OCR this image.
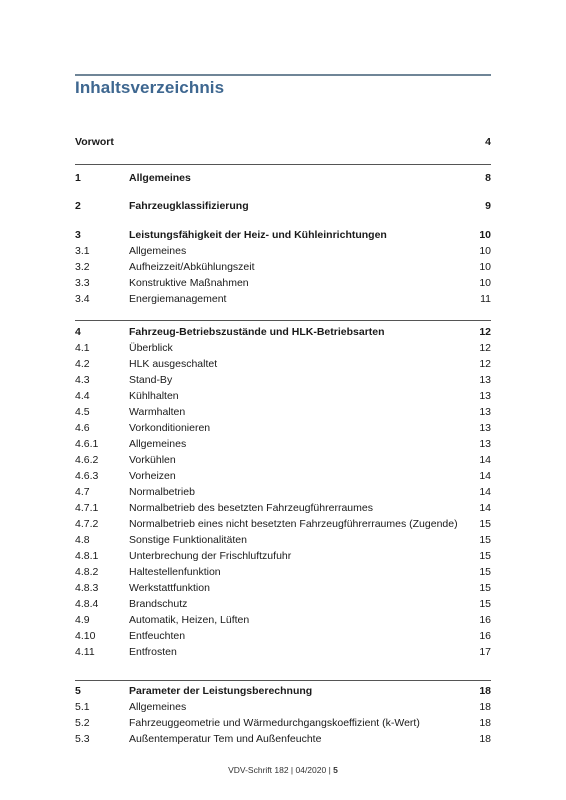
Inhaltsverzeichnis
Vorwort	4
1	Allgemeines	8
2	Fahrzeugklassifizierung	9
3	Leistungsfähigkeit der Heiz- und Kühleinrichtungen	10
3.1	Allgemeines	10
3.2	Aufheizzeit/Abkühlungszeit	10
3.3	Konstruktive Maßnahmen	10
3.4	Energiemanagement	11
4	Fahrzeug-Betriebszustände und HLK-Betriebsarten	12
4.1	Überblick	12
4.2	HLK ausgeschaltet	12
4.3	Stand-By	13
4.4	Kühlhalten	13
4.5	Warmhalten	13
4.6	Vorkonditionieren	13
4.6.1	Allgemeines	13
4.6.2	Vorkühlen	14
4.6.3	Vorheizen	14
4.7	Normalbetrieb	14
4.7.1	Normalbetrieb des besetzten Fahrzeugführerraumes	14
4.7.2	Normalbetrieb eines nicht besetzten Fahrzeugführerraumes (Zugende) 15
4.8	Sonstige Funktionalitäten	15
4.8.1	Unterbrechung der Frischluftzufuhr	15
4.8.2	Haltestellenfunktion	15
4.8.3	Werkstattfunktion	15
4.8.4	Brandschutz	15
4.9	Automatik, Heizen, Lüften	16
4.10	Entfeuchten	16
4.11	Entfrosten	17
5	Parameter der Leistungsberechnung	18
5.1	Allgemeines	18
5.2	Fahrzeuggeometrie und Wärmedurchgangskoeffizient (k-Wert)	18
5.3	Außentemperatur Tem und Außenfeuchte	18
VDV-Schrift 182 | 04/2020 | 5
